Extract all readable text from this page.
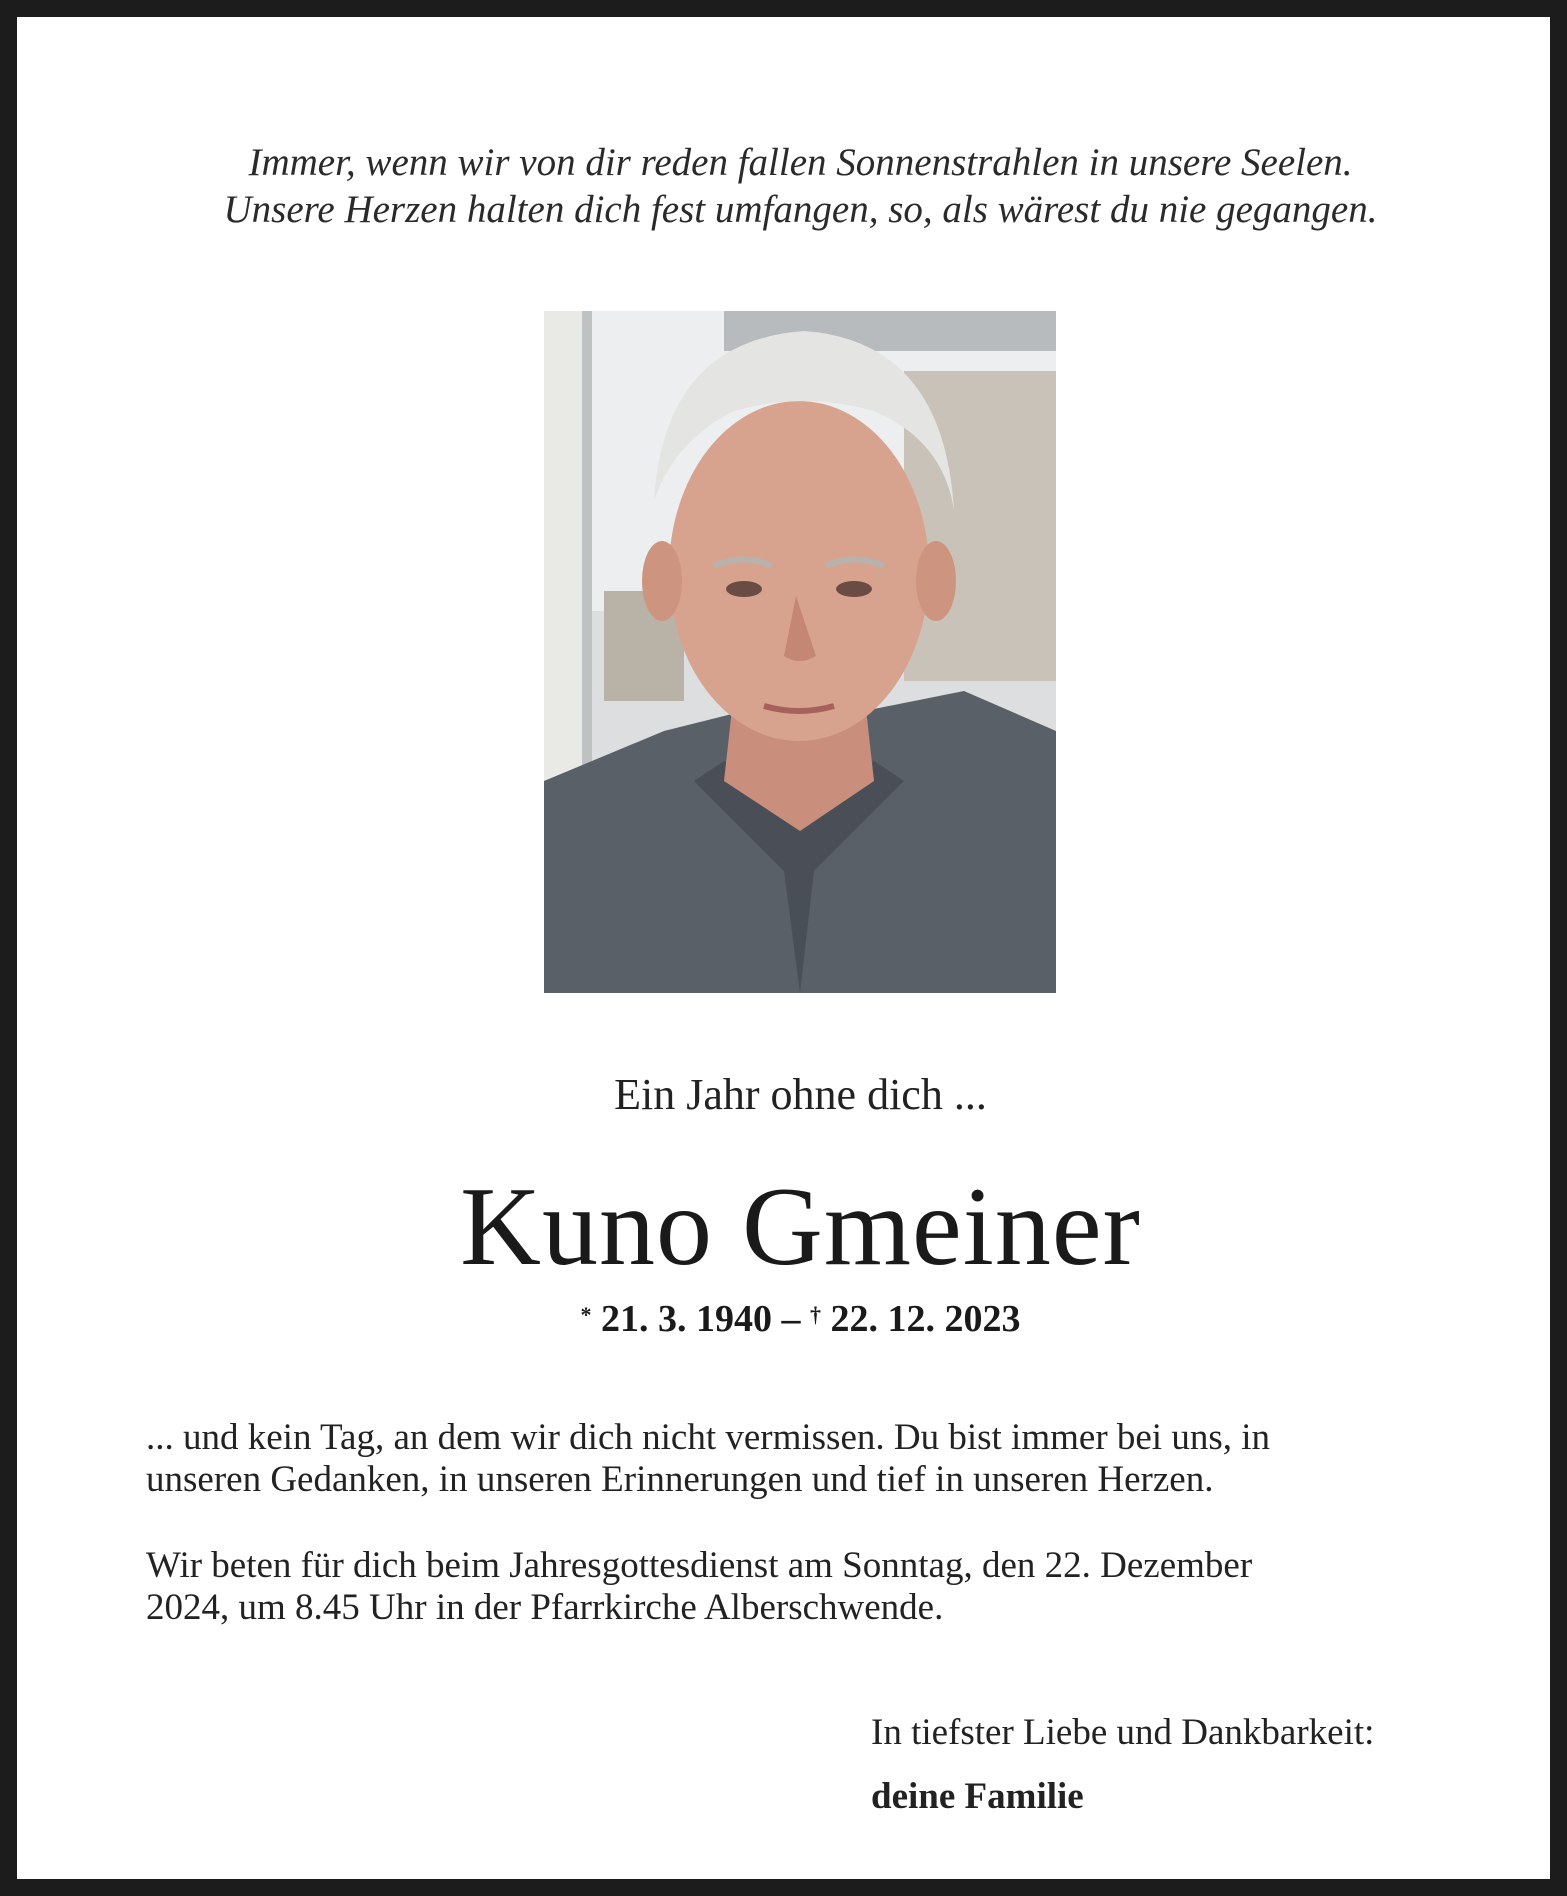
Immer, wenn wir von dir reden fallen Sonnenstrahlen in unsere Seelen.
Unsere Herzen halten dich fest umfangen, so, als wärest du nie gegangen.
Ein Jahr ohne dich ...
Kuno Gmeiner
* 21. 3. 1940 – † 22. 12. 2023
... und kein Tag, an dem wir dich nicht vermissen. Du bist immer bei uns, in
unseren Gedanken, in unseren Erinnerungen und tief in unseren Herzen.
Wir beten für dich beim Jahresgottesdienst am Sonntag, den 22. Dezember
2024, um 8.45 Uhr in der Pfarrkirche Alberschwende.
In tiefster Liebe und Dankbarkeit:
deine Familie
